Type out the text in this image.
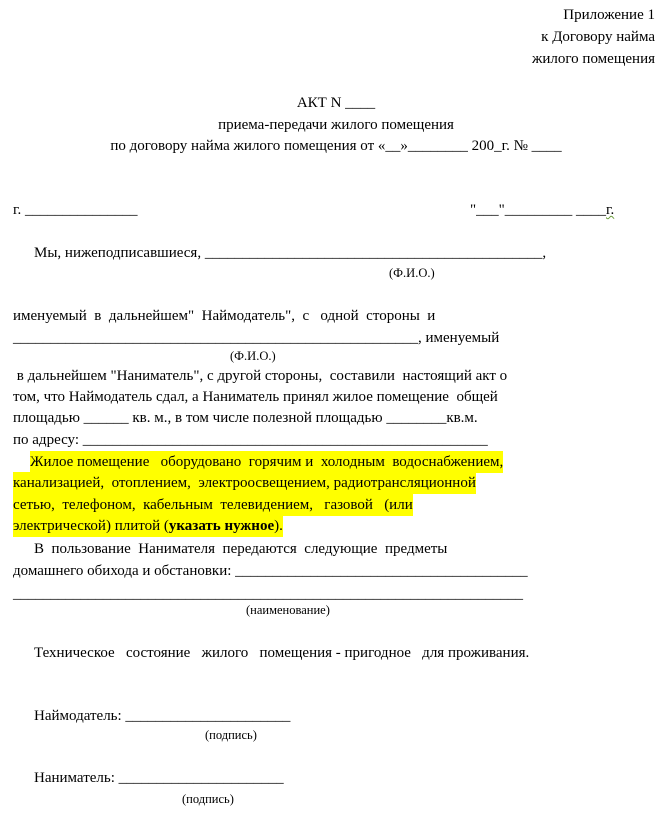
Приложение 1
к Договору найма
жилого помещения
АКТ N ____
приема-передачи жилого помещения
по договору найма жилого помещения от «__»________ 200_г. № ____
г. _______________	"___"_________ ____г.
Мы, нижеподписавшиеся, _____________________________________________,
(Ф.И.О.)
именуемый  в  дальнейшем"  Наймодатель",  с   одной  стороны  и
______________________________________________________, именуемый
(Ф.И.О.)
в дальнейшем "Наниматель", с другой стороны,  составили  настоящий акт о
том, что Наймодатель сдал, а Наниматель принял жилое помещение  общей
площадью ______ кв. м., в том числе полезной площадью ________кв.м.
по адресу: ______________________________________________________
Жилое помещение   оборудовано  горячим и  холодным  водоснабжением,
канализацией,  отоплением,  электроосвещением, радиотрансляционной
сетью,  телефоном,  кабельным  телевидением,   газовой   (или
электрической) плитой (указать нужное).
В  пользование  Нанимателя  передаются  следующие  предметы
домашнего обихода и обстановки: _______________________________________
____________________________________________________________________
(наименование)
Техническое   состояние   жилого   помещения - пригодное   для проживания.
Наймодатель: ______________________
(подпись)
Наниматель: ______________________
(подпись)
